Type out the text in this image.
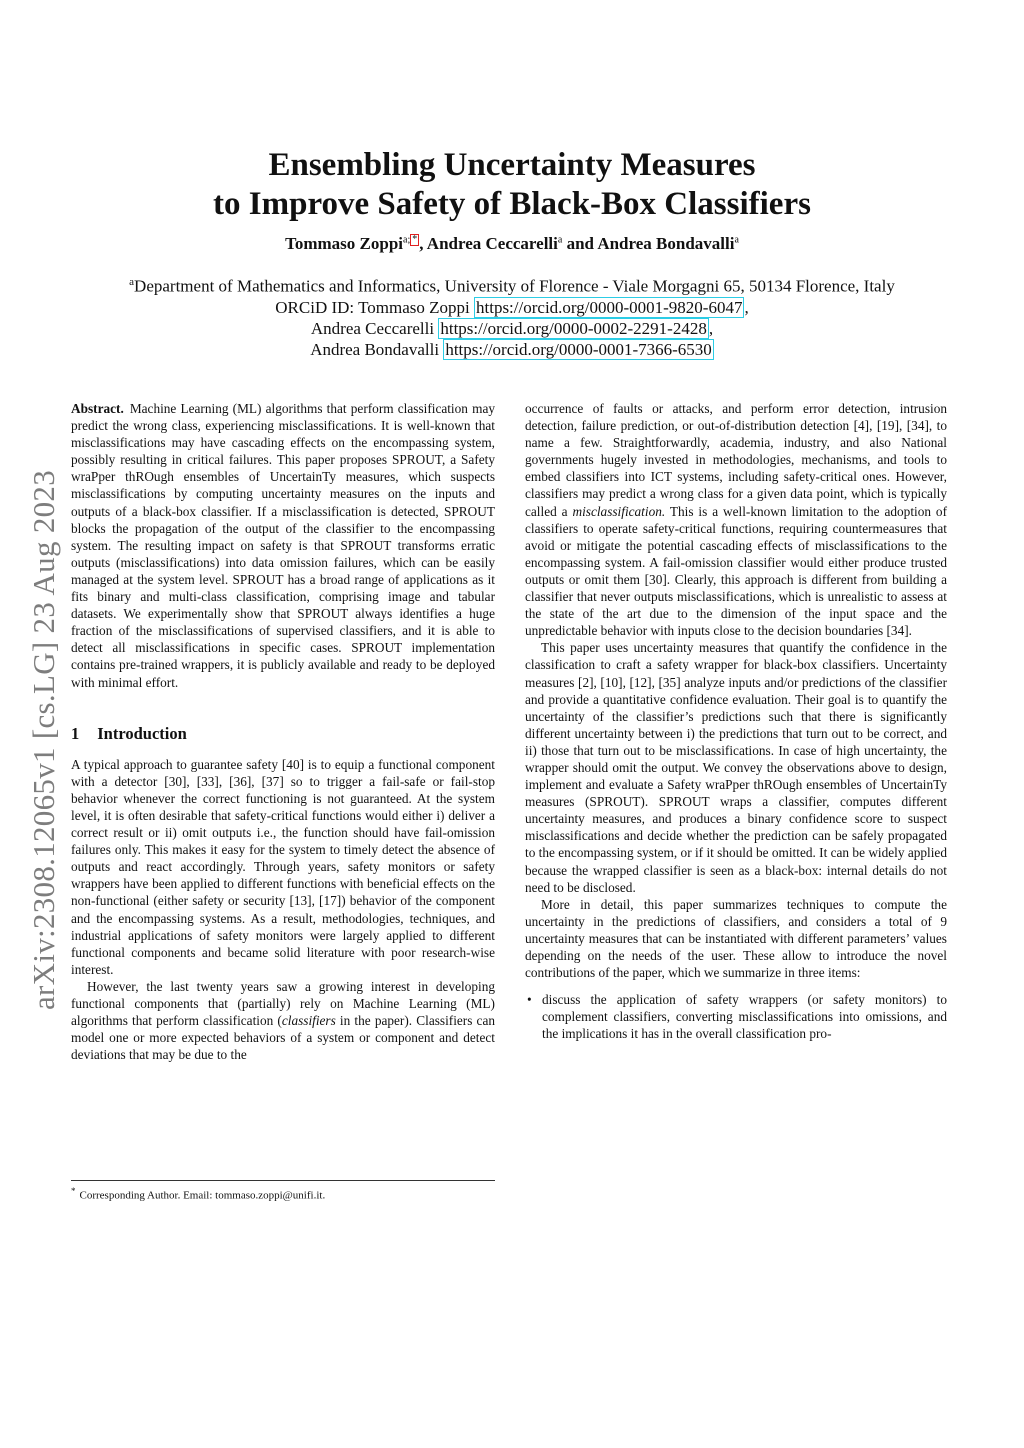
arXiv:2308.12065v1 [cs.LG] 23 Aug 2023
Ensembling Uncertainty Measures
to Improve Safety of Black-Box Classifiers
Tommaso Zoppi$^{a;}$ * , Andrea Ceccarelli$^a$ and Andrea Bondavalli$^a$
$^a$Department of Mathematics and Informatics, University of Florence - Viale Morgagni 65, 50134 Florence, Italy
ORCiD ID: Tommaso Zoppi https://orcid.org/0000-0001-9820-6047 ,
Andrea Ceccarelli https://orcid.org/0000-0002-2291-2428 ,
Andrea Bondavalli https://orcid.org/0000-0001-7366-6530

Abstract. Machine Learning (ML) algorithms that perform classification may predict the wrong class, experiencing misclassifications. It is well-known that misclassifications may have cascading effects on the encompassing system, possibly resulting in critical failures. This paper proposes SPROUT, a Safety wraPper thROugh ensembles of UncertainTy measures, which suspects misclassifications by computing uncertainty measures on the inputs and outputs of a black-box classifier. If a misclassification is detected, SPROUT blocks the propagation of the output of the classifier to the encompassing system. The resulting impact on safety is that SPROUT transforms erratic outputs (misclassifications) into data omission failures, which can be easily managed at the system level. SPROUT has a broad range of applications as it fits binary and multi-class classification, comprising image and tabular datasets. We experimentally show that SPROUT always identifies a huge fraction of the misclassifications of supervised classifiers, and it is able to detect all misclassifications in specific cases. SPROUT implementation contains pre-trained wrappers, it is publicly available and ready to be deployed with minimal effort.

1 Introduction

A typical approach to guarantee safety [40] is to equip a functional component with a detector [30], [33], [36], [37] so to trigger a fail-safe or fail-stop behavior whenever the correct functioning is not guaranteed. At the system level, it is often desirable that safety-critical functions would either i) deliver a correct result or ii) omit outputs i.e., the function should have fail-omission failures only. This makes it easy for the system to timely detect the absence of outputs and react accordingly. Through years, safety monitors or safety wrappers have been applied to different functions with beneficial effects on the non-functional (either safety or security [13], [17]) behavior of the component and the encompassing systems. As a result, methodologies, techniques, and industrial applications of safety monitors were largely applied to different functional components and became solid literature with poor research-wise interest.

However, the last twenty years saw a growing interest in developing functional components that (partially) rely on Machine Learning (ML) algorithms that perform classification (classifiers in the paper). Classifiers can model one or more expected behaviors of a system or component and detect deviations that may be due to the

* Corresponding Author. Email: tommaso.zoppi@unifi.it.

occurrence of faults or attacks, and perform error detection, intrusion detection, failure prediction, or out-of-distribution detection [4], [19], [34], to name a few. Straightforwardly, academia, industry, and also National governments hugely invested in methodologies, mechanisms, and tools to embed classifiers into ICT systems, including safety-critical ones. However, classifiers may predict a wrong class for a given data point, which is typically called a misclassification. This is a well-known limitation to the adoption of classifiers to operate safety-critical functions, requiring countermeasures that avoid or mitigate the potential cascading effects of misclassifications to the encompassing system. A fail-omission classifier would either produce trusted outputs or omit them [30]. Clearly, this approach is different from building a classifier that never outputs misclassifications, which is unrealistic to assess at the state of the art due to the dimension of the input space and the unpredictable behavior with inputs close to the decision boundaries [34].

This paper uses uncertainty measures that quantify the confidence in the classification to craft a safety wrapper for black-box classifiers. Uncertainty measures [2], [10], [12], [35] analyze inputs and/or predictions of the classifier and provide a quantitative confidence evaluation. Their goal is to quantify the uncertainty of the classifier’s predictions such that there is significantly different uncertainty between i) the predictions that turn out to be correct, and ii) those that turn out to be misclassifications. In case of high uncertainty, the wrapper should omit the output. We convey the observations above to design, implement and evaluate a Safety wraPper thROugh ensembles of UncertainTy measures (SPROUT). SPROUT wraps a classifier, computes different uncertainty measures, and produces a binary confidence score to suspect misclassifications and decide whether the prediction can be safely propagated to the encompassing system, or if it should be omitted. It can be widely applied because the wrapped classifier is seen as a black-box: internal details do not need to be disclosed.

More in detail, this paper summarizes techniques to compute the uncertainty in the predictions of classifiers, and considers a total of 9 uncertainty measures that can be instantiated with different parameters’ values depending on the needs of the user. These allow to introduce the novel contributions of the paper, which we summarize in three items:

• discuss the application of safety wrappers (or safety monitors) to complement classifiers, converting misclassifications into omissions, and the implications it has in the overall classification pro-
